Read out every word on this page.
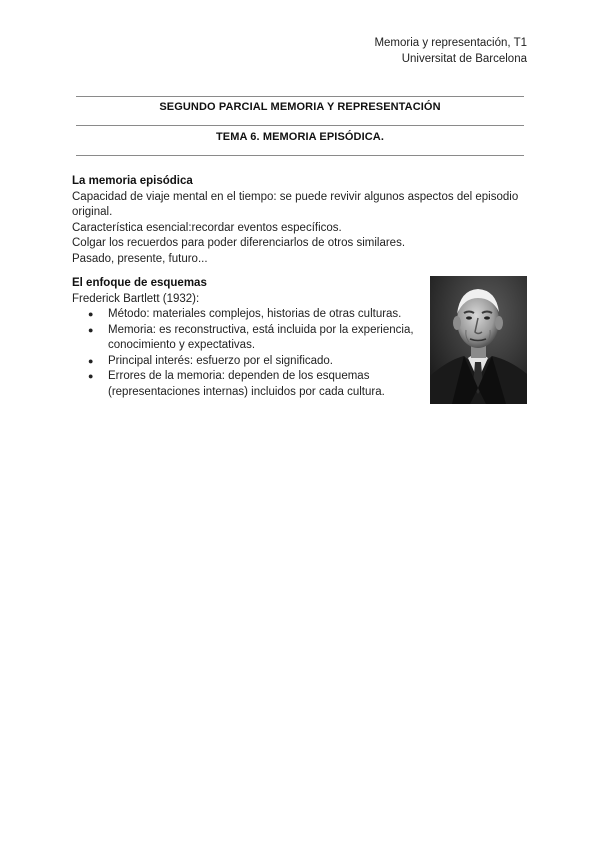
Memoria y representación, T1
Universitat de Barcelona
SEGUNDO PARCIAL MEMORIA Y REPRESENTACIÓN
TEMA 6. MEMORIA EPISÓDICA.

La memoria episódica

Capacidad de viaje mental en el tiempo: se puede revivir algunos aspectos del episodio original.

Característica esencial:recordar eventos específicos.

Colgar los recuerdos para poder diferenciarlos de otros similares.

Pasado, presente, futuro...

El enfoque de esquemas

Frederick Bartlett (1932):

● Método: materiales complejos, historias de otras culturas.
● Memoria: es reconstructiva, está incluida por la experiencia, conocimiento y expectativas.
● Principal interés: esfuerzo por el significado.
● Errores de la memoria: dependen de los esquemas (representaciones internas) incluidos por cada cultura.
